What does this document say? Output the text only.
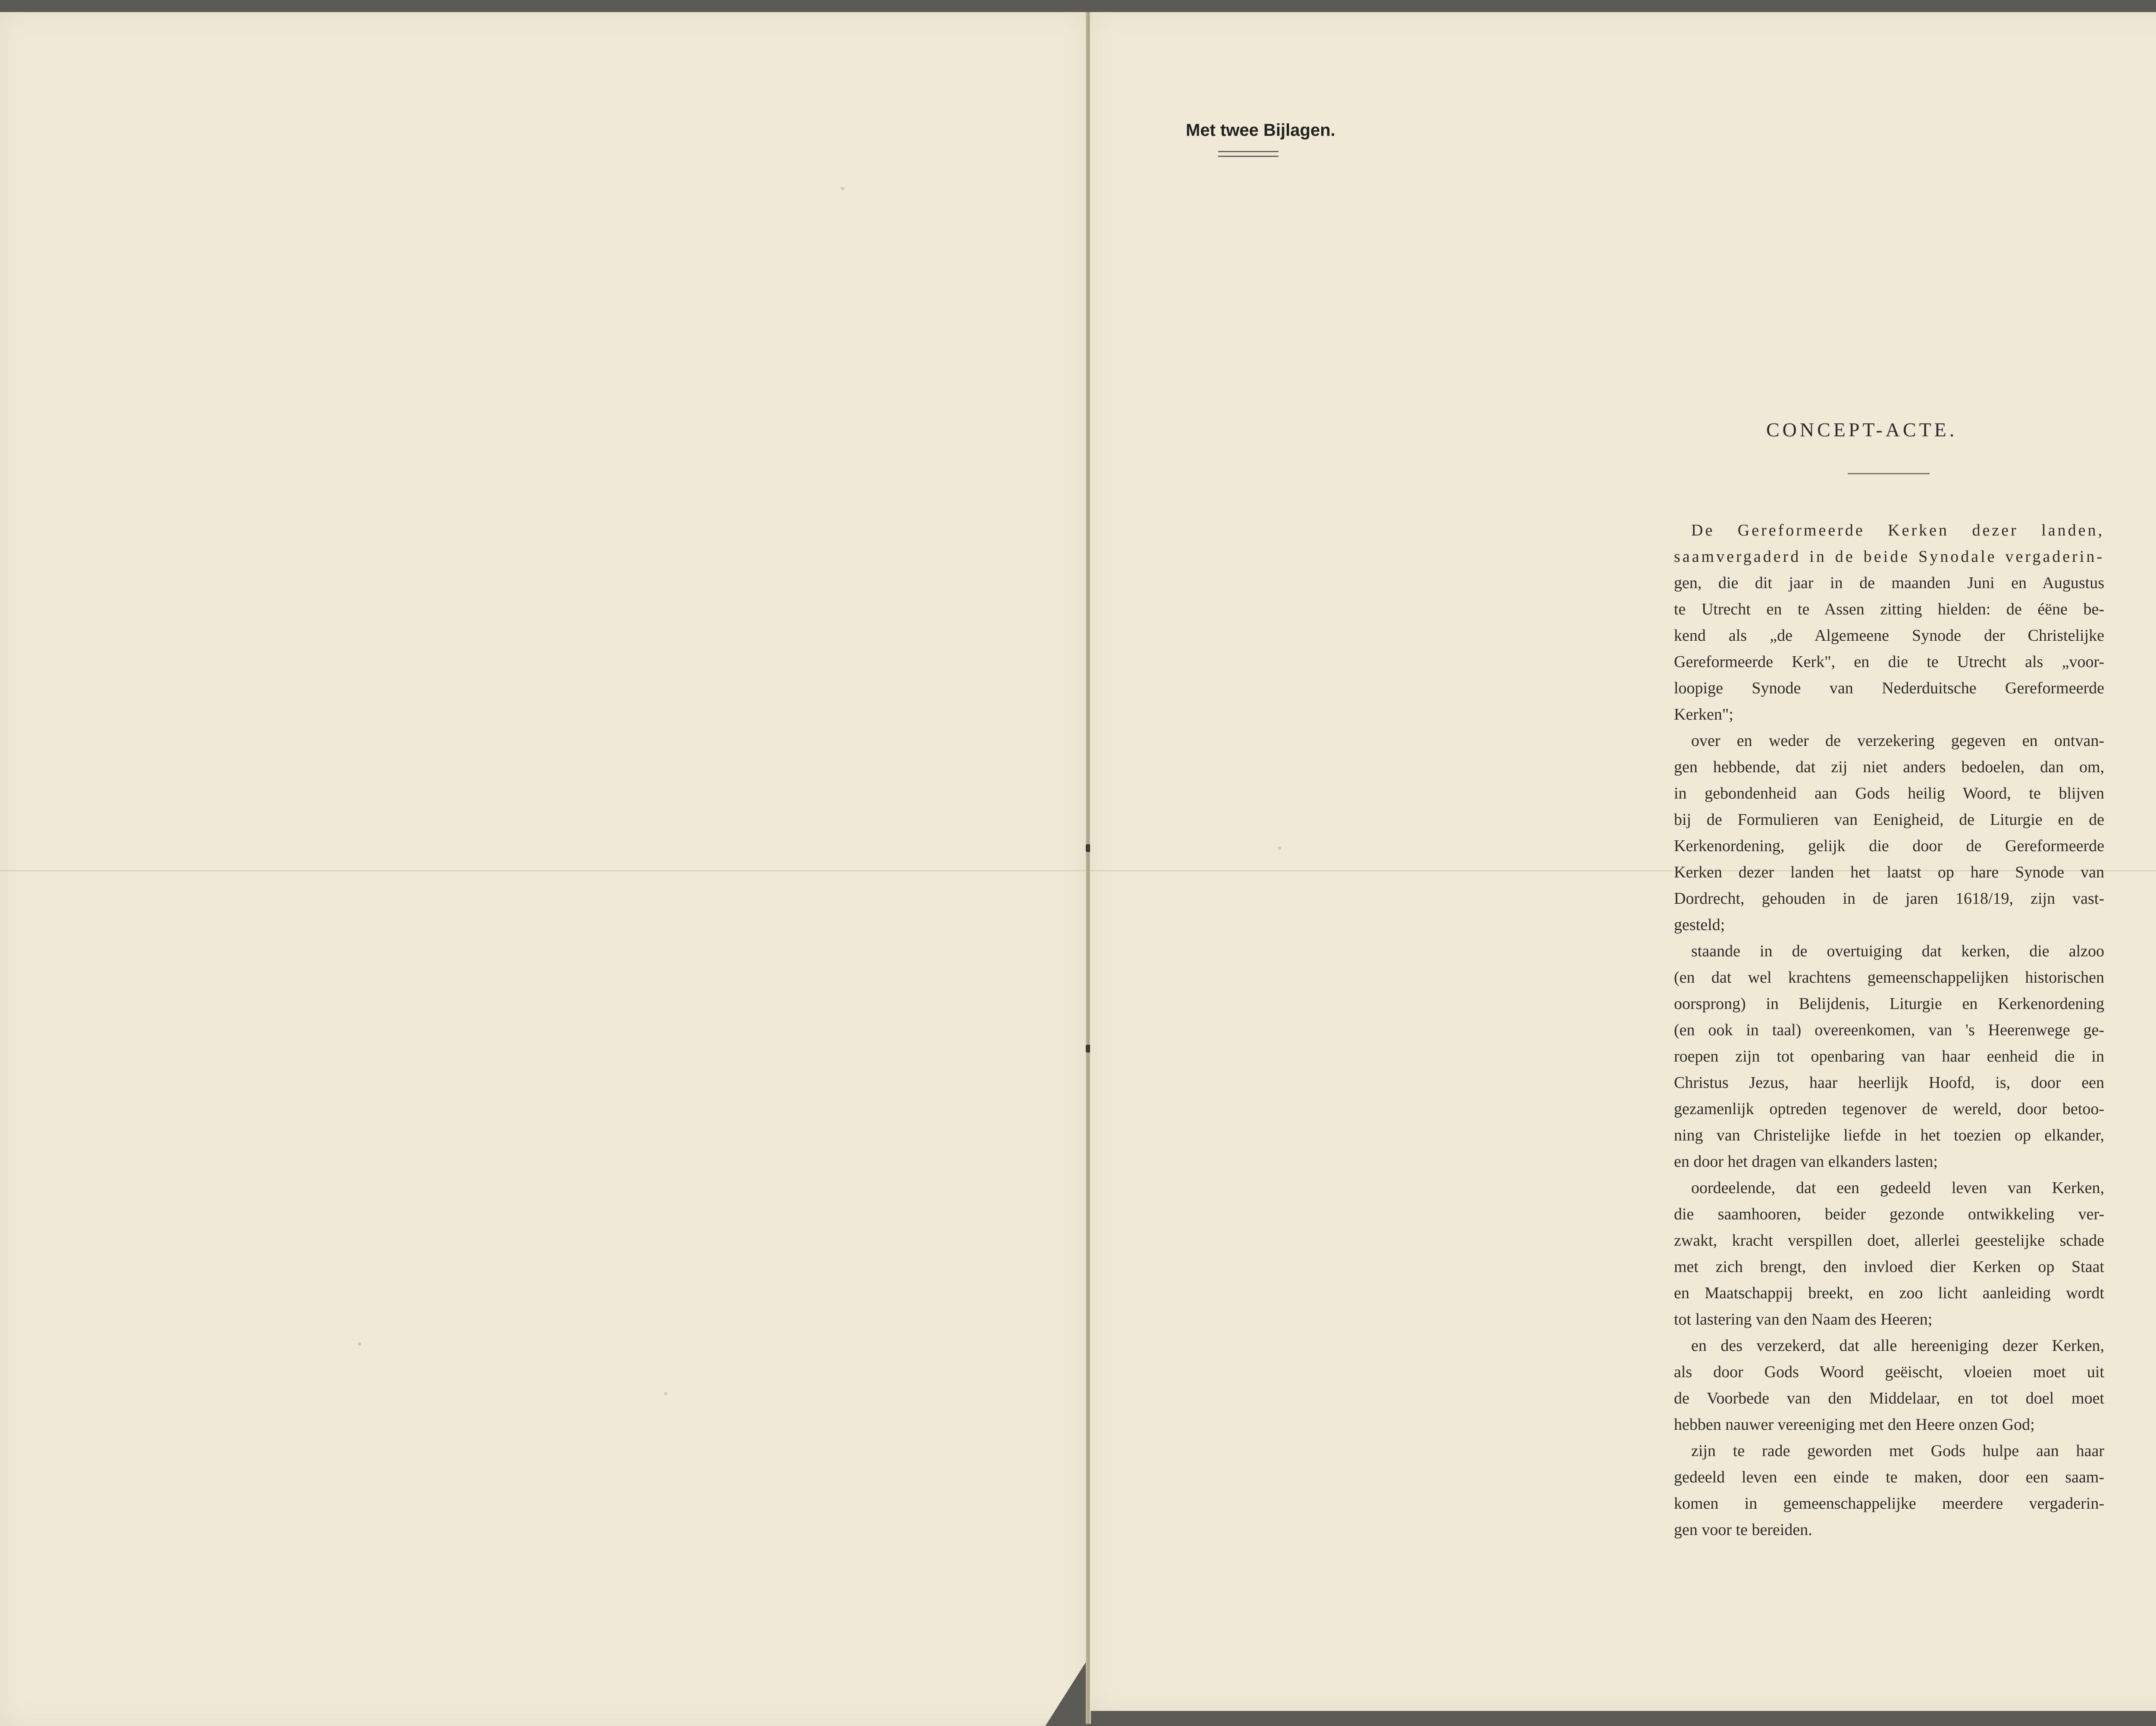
Met twee Bijlagen.
CONCEPT-ACTE.
De Gereformeerde Kerken dezer landen,
saamvergaderd in de beide Synodale vergaderin-
gen, die dit jaar in de maanden Juni en Augustus
te Utrecht en te Assen zitting hielden: de éëne be-
kend als „de Algemeene Synode der Christelijke
Gereformeerde Kerk", en die te Utrecht als „voor-
loopige Synode van Nederduitsche Gereformeerde
Kerken";
over en weder de verzekering gegeven en ontvan-
gen hebbende, dat zij niet anders bedoelen, dan om,
in gebondenheid aan Gods heilig Woord, te blijven
bij de Formulieren van Eenigheid, de Liturgie en de
Kerkenordening, gelijk die door de Gereformeerde
Kerken dezer landen het laatst op hare Synode van
Dordrecht, gehouden in de jaren 1618/19, zijn vast-
gesteld;
staande in de overtuiging dat kerken, die alzoo
(en dat wel krachtens gemeenschappelijken historischen
oorsprong) in Belijdenis, Liturgie en Kerkenordening
(en ook in taal) overeenkomen, van 's Heerenwege ge-
roepen zijn tot openbaring van haar eenheid die in
Christus Jezus, haar heerlijk Hoofd, is, door een
gezamenlijk optreden tegenover de wereld, door betoo-
ning van Christelijke liefde in het toezien op elkander,
en door het dragen van elkanders lasten;
oordeelende, dat een gedeeld leven van Kerken,
die saamhooren, beider gezonde ontwikkeling ver-
zwakt, kracht verspillen doet, allerlei geestelijke schade
met zich brengt, den invloed dier Kerken op Staat
en Maatschappij breekt, en zoo licht aanleiding wordt
tot lastering van den Naam des Heeren;
en des verzekerd, dat alle hereeniging dezer Kerken,
als door Gods Woord geëischt, vloeien moet uit
de Voorbede van den Middelaar, en tot doel moet
hebben nauwer vereeniging met den Heere onzen God;
zijn te rade geworden met Gods hulpe aan haar
gedeeld leven een einde te maken, door een saam-
komen in gemeenschappelijke meerdere vergaderin-
gen voor te bereiden.
